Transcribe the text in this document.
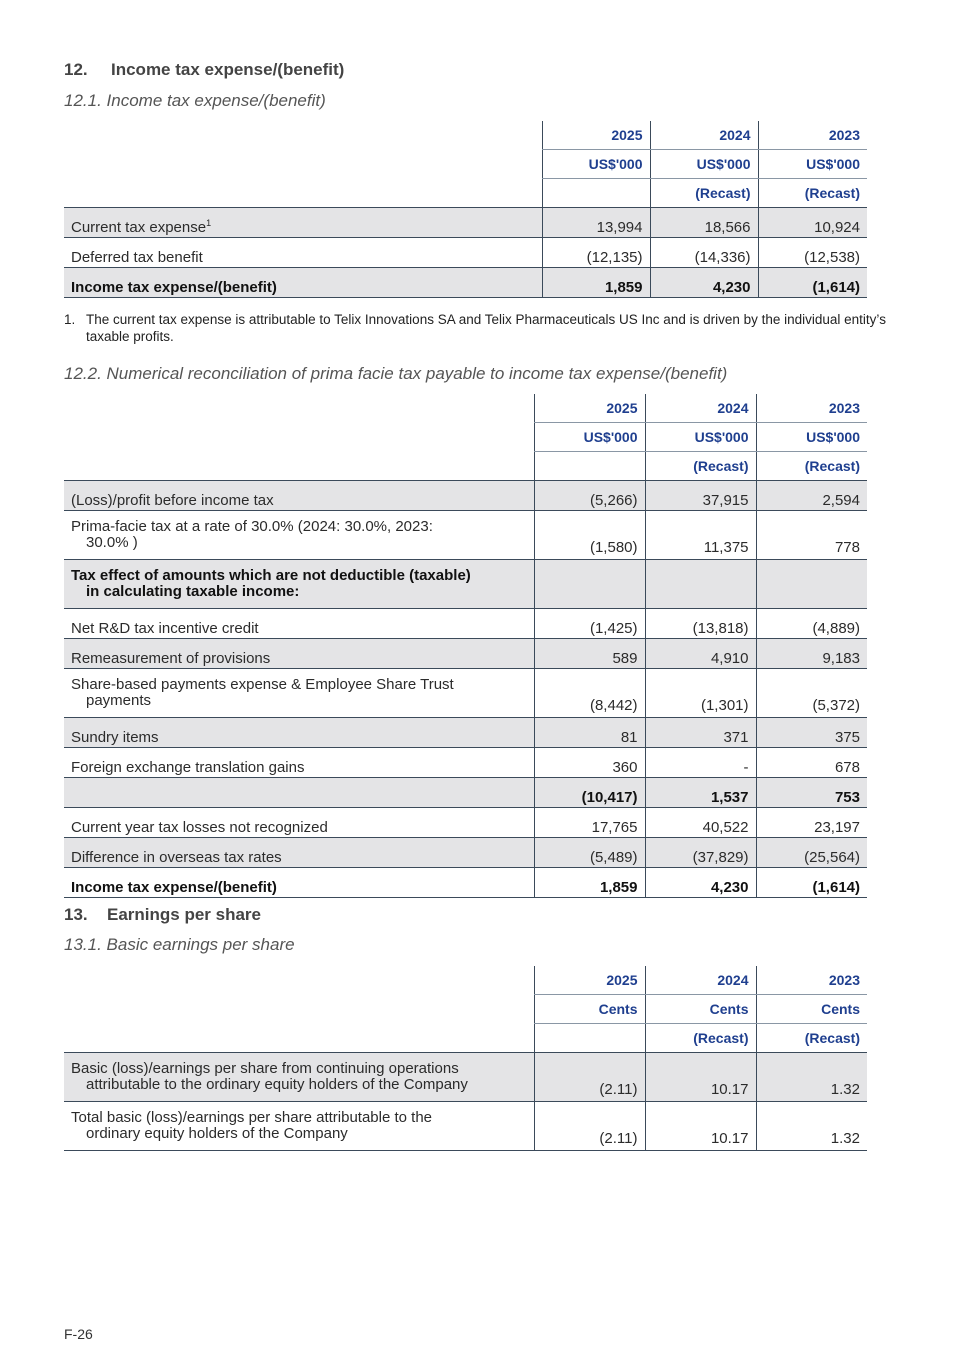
12. Income tax expense/(benefit)
12.1. Income tax expense/(benefit)
	2025	2024	2023
	US$'000	US$'000	US$'000
		(Recast)	(Recast)
Current tax expense$^1$	13,994	18,566	10,924
Deferred tax benefit	(12,135)	(14,336)	(12,538)
Income tax expense/(benefit)	1,859	4,230	(1,614)
1. The current tax expense is attributable to Telix Innovations SA and Telix Pharmaceuticals US Inc and is driven by the individual entity’s taxable profits.
12.2. Numerical reconciliation of prima facie tax payable to income tax expense/(benefit)
	2025	2024	2023
	US$'000	US$'000	US$'000
		(Recast)	(Recast)
(Loss)/profit before income tax	(5,266)	37,915	2,594
Prima-facie tax at a rate of 30.0% (2024: 30.0%, 2023:
30.0% )	(1,580)	11,375	778
Tax effect of amounts which are not deductible (taxable)
in calculating taxable income:			
Net R&D tax incentive credit	(1,425)	(13,818)	(4,889)
Remeasurement of provisions	589	4,910	9,183
Share-based payments expense & Employee Share Trust
payments	(8,442)	(1,301)	(5,372)
Sundry items	81	371	375
Foreign exchange translation gains	360	-	678
	(10,417)	1,537	753
Current year tax losses not recognized	17,765	40,522	23,197
Difference in overseas tax rates	(5,489)	(37,829)	(25,564)
Income tax expense/(benefit)	1,859	4,230	(1,614)
13. Earnings per share
13.1. Basic earnings per share
	2025	2024	2023
	Cents	Cents	Cents
		(Recast)	(Recast)
Basic (loss)/earnings per share from continuing operations
attributable to the ordinary equity holders of the Company	(2.11)	10.17	1.32
Total basic (loss)/earnings per share attributable to the
ordinary equity holders of the Company	(2.11)	10.17	1.32
F-26
